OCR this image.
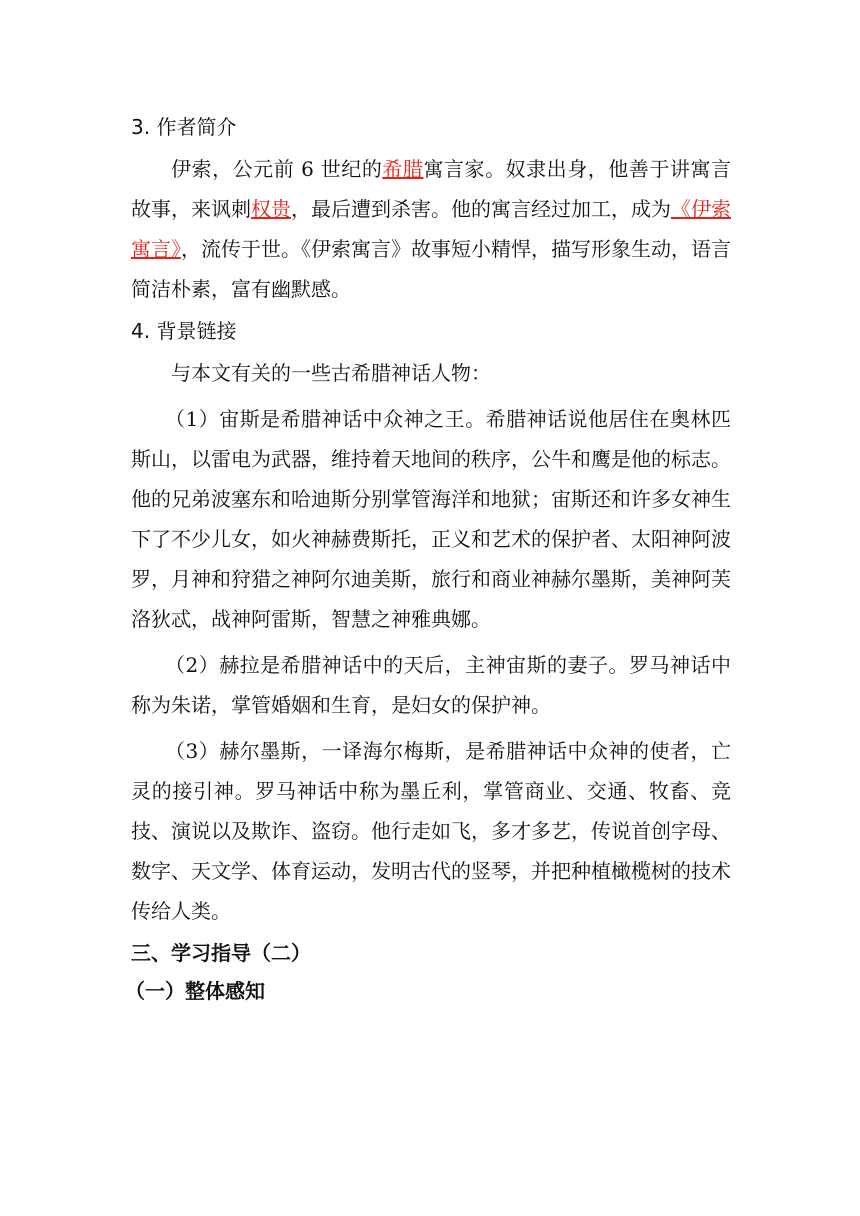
3. 作者简介

伊索，公元前 6 世纪的希腊寓言家。奴隶出身，他善于讲寓言故事，来讽刺权贵，最后遭到杀害。他的寓言经过加工，成为《伊索寓言》，流传于世。《伊索寓言》故事短小精悍，描写形象生动，语言简洁朴素，富有幽默感。

4. 背景链接

与本文有关的一些古希腊神话人物：

（1）宙斯是希腊神话中众神之王。希腊神话说他居住在奥林匹斯山，以雷电为武器，维持着天地间的秩序，公牛和鹰是他的标志。他的兄弟波塞东和哈迪斯分别掌管海洋和地狱；宙斯还和许多女神生下了不少儿女，如火神赫费斯托，正义和艺术的保护者、太阳神阿波罗，月神和狩猎之神阿尔迪美斯，旅行和商业神赫尔墨斯，美神阿芙洛狄忒，战神阿雷斯，智慧之神雅典娜。

（2）赫拉是希腊神话中的天后，主神宙斯的妻子。罗马神话中称为朱诺，掌管婚姻和生育，是妇女的保护神。

（3）赫尔墨斯，一译海尔梅斯，是希腊神话中众神的使者，亡灵的接引神。罗马神话中称为墨丘利，掌管商业、交通、牧畜、竞技、演说以及欺诈、盗窃。他行走如飞，多才多艺，传说首创字母、数字、天文学、体育运动，发明古代的竖琴，并把种植橄榄树的技术传给人类。

三、学习指导（二）
（一）整体感知
